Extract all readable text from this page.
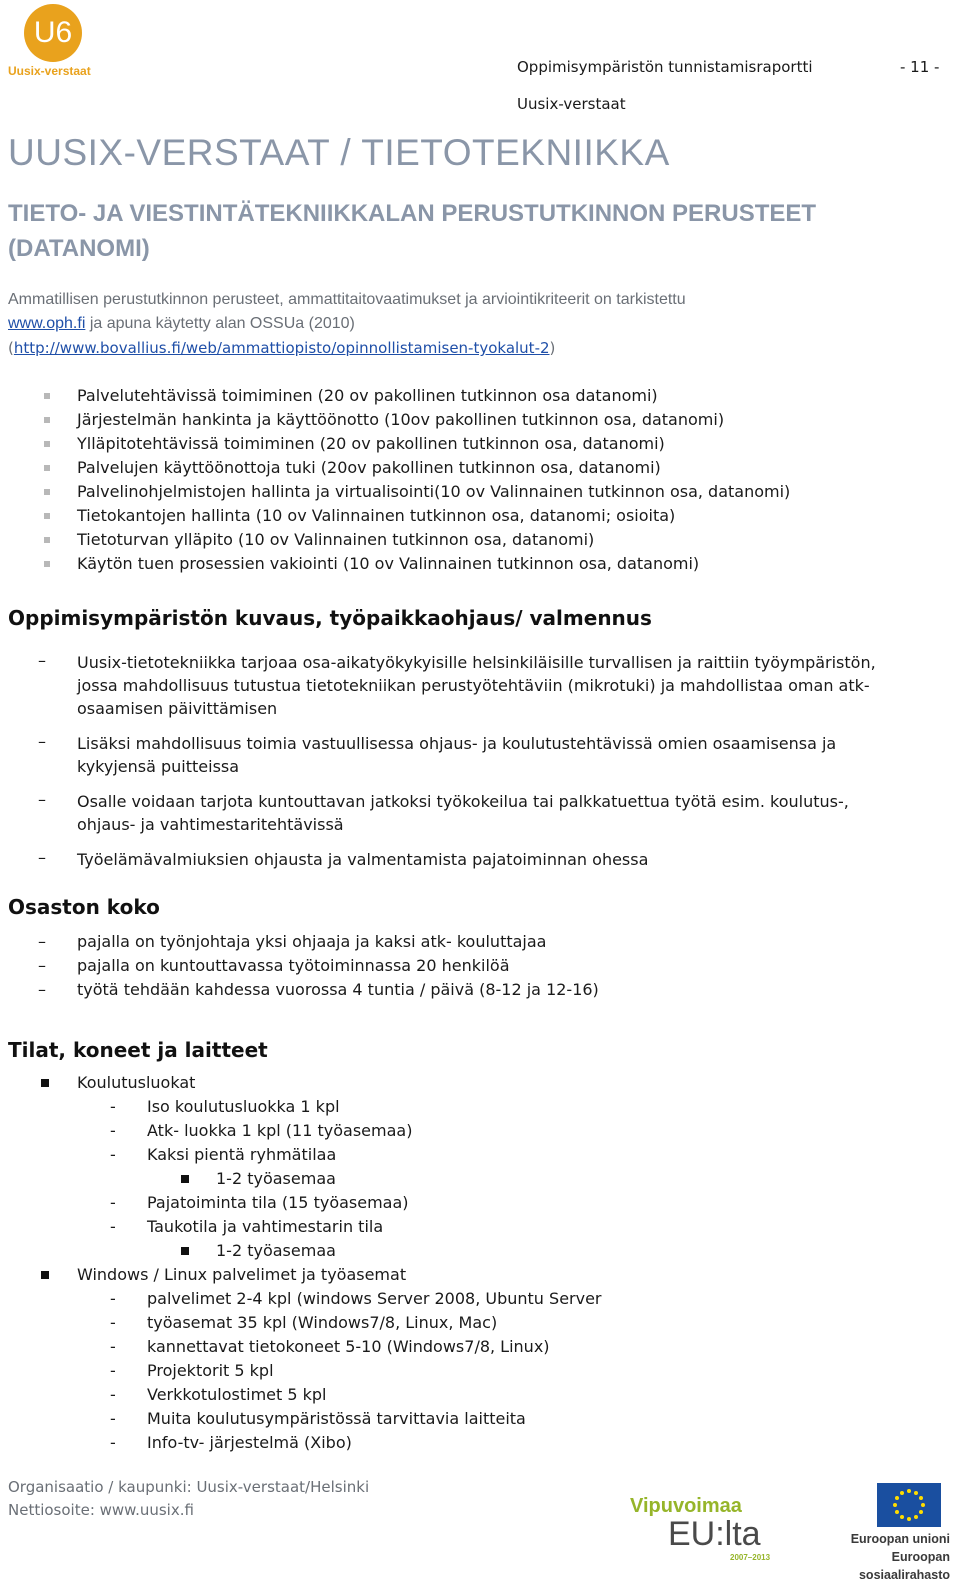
U6
Uusix-verstaat	Oppimisympäristön tunnistamisraportti	- 11 -
Uusix-verstaat
UUSIX-VERSTAAT / TIETOTEKNIIKKA
TIETO- JA VIESTINTÄTEKNIIKKALAN PERUSTUTKINNON PERUSTEET (DATANOMI)
Ammatillisen perustutkinnon perusteet, ammattitaitovaatimukset ja arviointikriteerit on tarkistettu
www.oph.fi ja apuna käytetty alan OSSUa (2010)
(http://www.bovallius.fi/web/ammattiopisto/opinnollistamisen-tyokalut-2)
Palvelutehtävissä toimiminen (20 ov pakollinen tutkinnon osa datanomi)
Järjestelmän hankinta ja käyttöönotto (10ov pakollinen tutkinnon osa, datanomi)
Ylläpitotehtävissä toimiminen (20 ov pakollinen tutkinnon osa, datanomi)
Palvelujen käyttöönottoja tuki (20ov pakollinen tutkinnon osa, datanomi)
Palvelinohjelmistojen hallinta ja virtualisointi(10 ov Valinnainen tutkinnon osa, datanomi)
Tietokantojen hallinta (10 ov Valinnainen tutkinnon osa, datanomi; osioita)
Tietoturvan ylläpito (10 ov Valinnainen tutkinnon osa, datanomi)
Käytön tuen prosessien vakiointi (10 ov Valinnainen tutkinnon osa, datanomi)
Oppimisympäristön kuvaus, työpaikkaohjaus/ valmennus
– Uusix-tietotekniikka tarjoaa osa-aikatyökykyisille helsinkiläisille turvallisen ja raittiin työympäristön, jossa mahdollisuus tutustua tietotekniikan perustyötehtäviin (mikrotuki) ja mahdollistaa oman atk-osaamisen päivittämisen
– Lisäksi mahdollisuus toimia vastuullisessa ohjaus- ja koulutustehtävissä omien osaamisensa ja kykyjensä puitteissa
– Osalle voidaan tarjota kuntouttavan jatkoksi työkokeilua tai palkkatuettua työtä esim. koulutus-, ohjaus- ja vahtimestaritehtävissä
– Työelämävalmiuksien ohjausta ja valmentamista pajatoiminnan ohessa
Osaston koko
– pajalla on työnjohtaja yksi ohjaaja ja kaksi atk- kouluttajaa
– pajalla on kuntouttavassa työtoiminnassa 20 henkilöä
– työtä tehdään kahdessa vuorossa 4 tuntia / päivä (8-12 ja 12-16)
Tilat, koneet ja laitteet
Koulutusluokat
- Iso koulutusluokka 1 kpl
- Atk- luokka 1 kpl (11 työasemaa)
- Kaksi pientä ryhmätilaa
1-2 työasemaa
- Pajatoiminta tila (15 työasemaa)
- Taukotila ja vahtimestarin tila
1-2 työasemaa
Windows / Linux palvelimet ja työasemat
- palvelimet 2-4 kpl (windows Server 2008, Ubuntu Server
- työasemat 35 kpl (Windows7/8, Linux, Mac)
- kannettavat tietokoneet 5-10 (Windows7/8, Linux)
- Projektorit 5 kpl
- Verkkotulostimet 5 kpl
- Muita koulutusympäristössä tarvittavia laitteita
- Info-tv- järjestelmä (Xibo)
Organisaatio / kaupunki: Uusix-verstaat/Helsinki
Nettiosoite: www.uusix.fi	Vipuvoimaa
EU:lta
2007–2013
Euroopan unioni
Euroopan sosiaalirahasto
